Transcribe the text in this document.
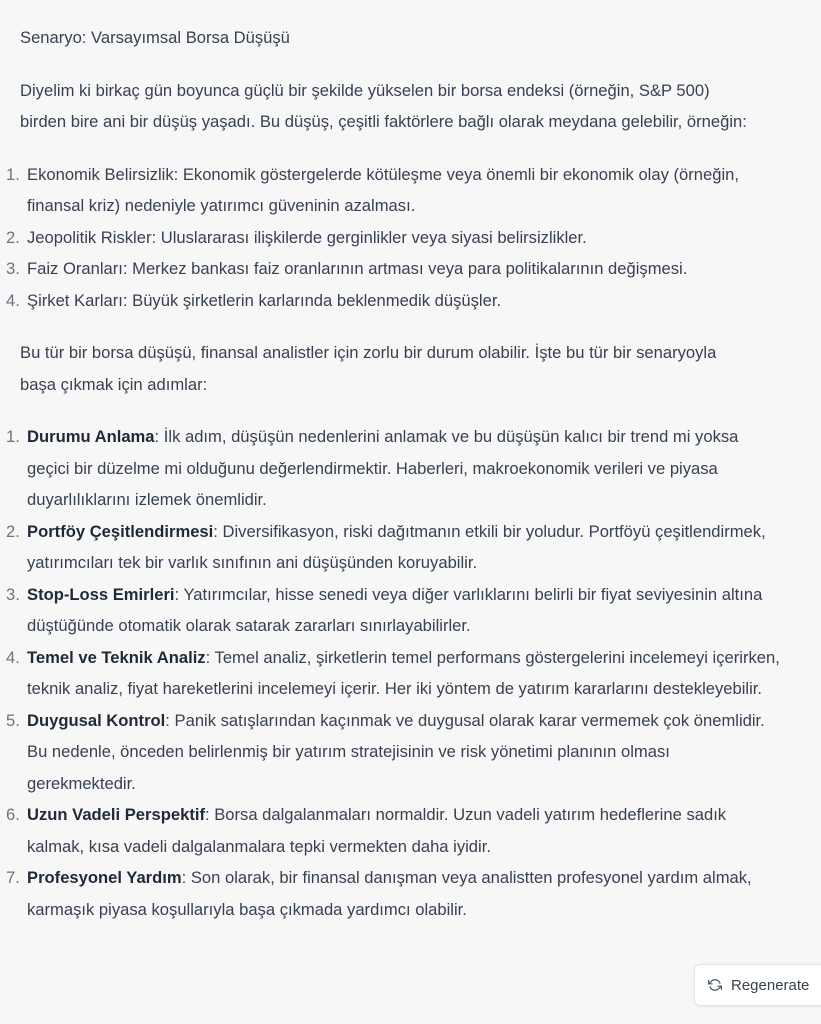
Senaryo: Varsayımsal Borsa Düşüşü

Diyelim ki birkaç gün boyunca güçlü bir şekilde yükselen bir borsa endeksi (örneğin, S&P 500) birden bire ani bir düşüş yaşadı. Bu düşüş, çeşitli faktörlere bağlı olarak meydana gelebilir, örneğin:

1. Ekonomik Belirsizlik: Ekonomik göstergelerde kötüleşme veya önemli bir ekonomik olay (örneğin, finansal kriz) nedeniyle yatırımcı güveninin azalması.
2. Jeopolitik Riskler: Uluslararası ilişkilerde gerginlikler veya siyasi belirsizlikler.
3. Faiz Oranları: Merkez bankası faiz oranlarının artması veya para politikalarının değişmesi.
4. Şirket Karları: Büyük şirketlerin karlarında beklenmedik düşüşler.

Bu tür bir borsa düşüşü, finansal analistler için zorlu bir durum olabilir. İşte bu tür bir senaryoyla başa çıkmak için adımlar:

1. Durumu Anlama: İlk adım, düşüşün nedenlerini anlamak ve bu düşüşün kalıcı bir trend mi yoksa geçici bir düzelme mi olduğunu değerlendirmektir. Haberleri, makroekonomik verileri ve piyasa duyarlılıklarını izlemek önemlidir.
2. Portföy Çeşitlendirmesi: Diversifikasyon, riski dağıtmanın etkili bir yoludur. Portföyü çeşitlendirmek, yatırımcıları tek bir varlık sınıfının ani düşüşünden koruyabilir.
3. Stop-Loss Emirleri: Yatırımcılar, hisse senedi veya diğer varlıklarını belirli bir fiyat seviyesinin altına düştüğünde otomatik olarak satarak zararları sınırlayabilirler.
4. Temel ve Teknik Analiz: Temel analiz, şirketlerin temel performans göstergelerini incelemeyi içerirken, teknik analiz, fiyat hareketlerini incelemeyi içerir. Her iki yöntem de yatırım kararlarını destekleyebilir.
5. Duygusal Kontrol: Panik satışlarından kaçınmak ve duygusal olarak karar vermemek çok önemlidir. Bu nedenle, önceden belirlenmiş bir yatırım stratejisinin ve risk yönetimi planının olması gerekmektedir.
6. Uzun Vadeli Perspektif: Borsa dalgalanmaları normaldir. Uzun vadeli yatırım hedeflerine sadık kalmak, kısa vadeli dalgalanmalara tepki vermekten daha iyidir.
7. Profesyonel Yardım: Son olarak, bir finansal danışman veya analistten profesyonel yardım almak, karmaşık piyasa koşullarıyla başa çıkmada yardımcı olabilir.
Regenerate
